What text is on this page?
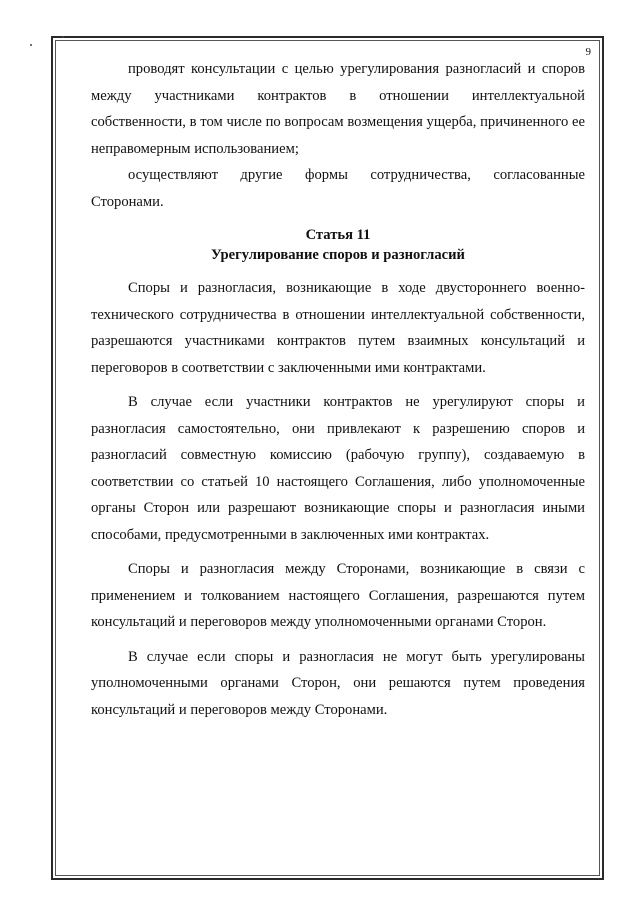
9

проводят консультации с целью урегулирования разногласий и споров между участниками контрактов в отношении интеллектуальной собственности, в том числе по вопросам возмещения ущерба, причиненного ее неправомерным использованием;

осуществляют другие формы сотрудничества, согласованные Сторонами.

Статья 11
Урегулирование споров и разногласий

Споры и разногласия, возникающие в ходе двустороннего военно-технического сотрудничества в отношении интеллектуальной собственности, разрешаются участниками контрактов путем взаимных консультаций и переговоров в соответствии с заключенными ими контрактами.

В случае если участники контрактов не урегулируют споры и разногласия самостоятельно, они привлекают к разрешению споров и разногласий совместную комиссию (рабочую группу), создаваемую в соответствии со статьей 10 настоящего Соглашения, либо уполномоченные органы Сторон или разрешают возникающие споры и разногласия иными способами, предусмотренными в заключенных ими контрактах.

Споры и разногласия между Сторонами, возникающие в связи с применением и толкованием настоящего Соглашения, разрешаются путем консультаций и переговоров между уполномоченными органами Сторон.

В случае если споры и разногласия не могут быть урегулированы уполномоченными органами Сторон, они решаются путем проведения консультаций и переговоров между Сторонами.
